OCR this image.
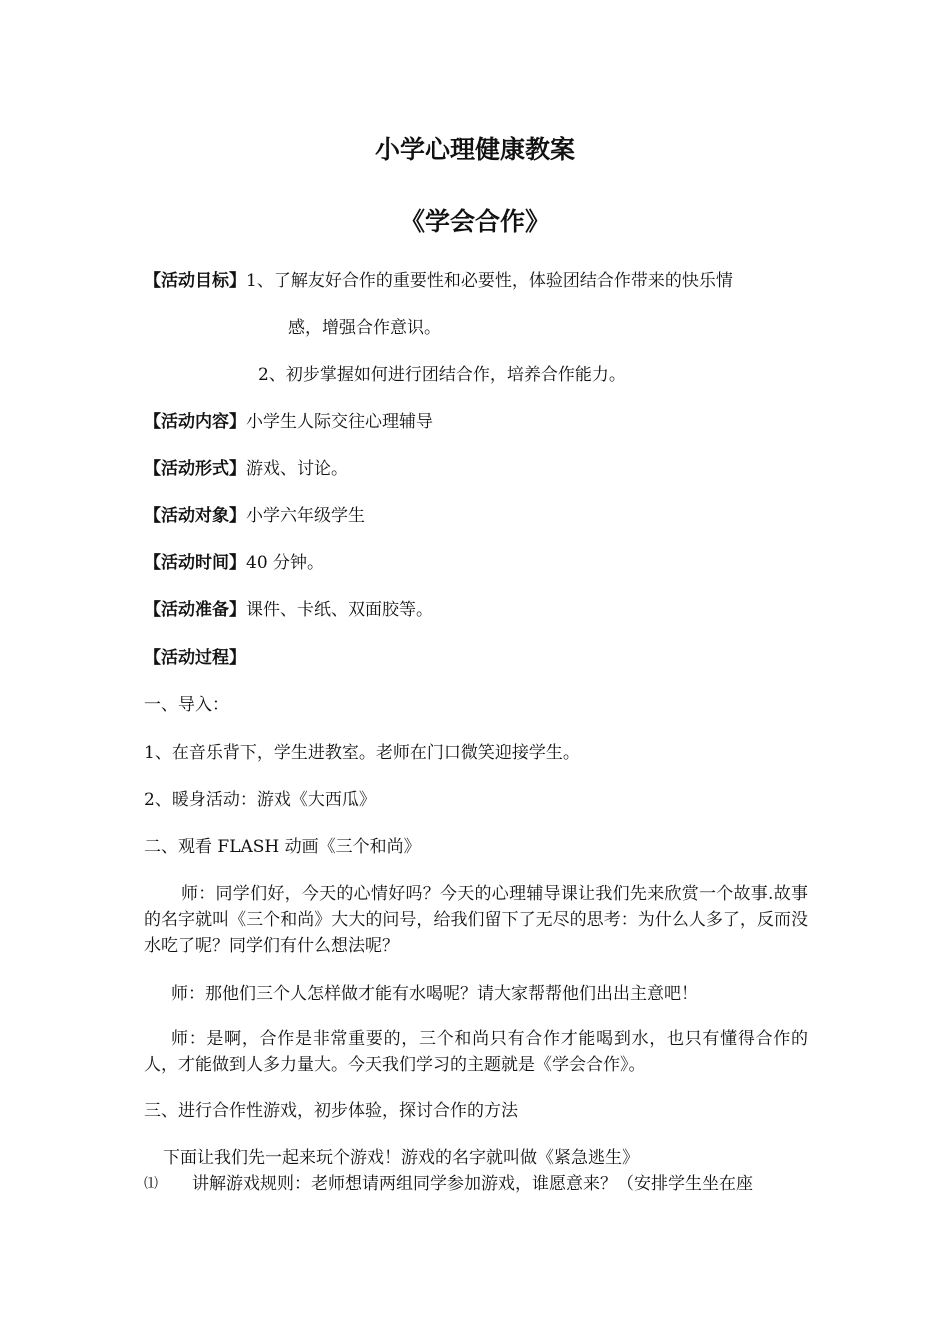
小学心理健康教案
《学会合作》

【活动目标】1、了解友好合作的重要性和必要性，体验团结合作带来的快乐情

感，增强合作意识。

2、初步掌握如何进行团结合作，培养合作能力。

【活动内容】小学生人际交往心理辅导

【活动形式】游戏、讨论。

【活动对象】小学六年级学生

【活动时间】40 分钟。

【活动准备】课件、卡纸、双面胶等。

【活动过程】

一、导入：

1、在音乐背下，学生进教室。老师在门口微笑迎接学生。

2、暖身活动：游戏《大西瓜》

二、观看 FLASH 动画《三个和尚》

师：同学们好，今天的心情好吗？今天的心理辅导课让我们先来欣赏一个故事.故事的名字就叫《三个和尚》大大的问号，给我们留下了无尽的思考：为什么人多了，反而没水吃了呢？同学们有什么想法呢？

师：那他们三个人怎样做才能有水喝呢？请大家帮帮他们出出主意吧！

师：是啊，合作是非常重要的，三个和尚只有合作才能喝到水，也只有懂得合作的人，才能做到人多力量大。今天我们学习的主题就是《学会合作》。

三、进行合作性游戏，初步体验，探讨合作的方法

下面让我们先一起来玩个游戏！游戏的名字就叫做《紧急逃生》

⑴ 讲解游戏规则：老师想请两组同学参加游戏，谁愿意来？（安排学生坐在座
